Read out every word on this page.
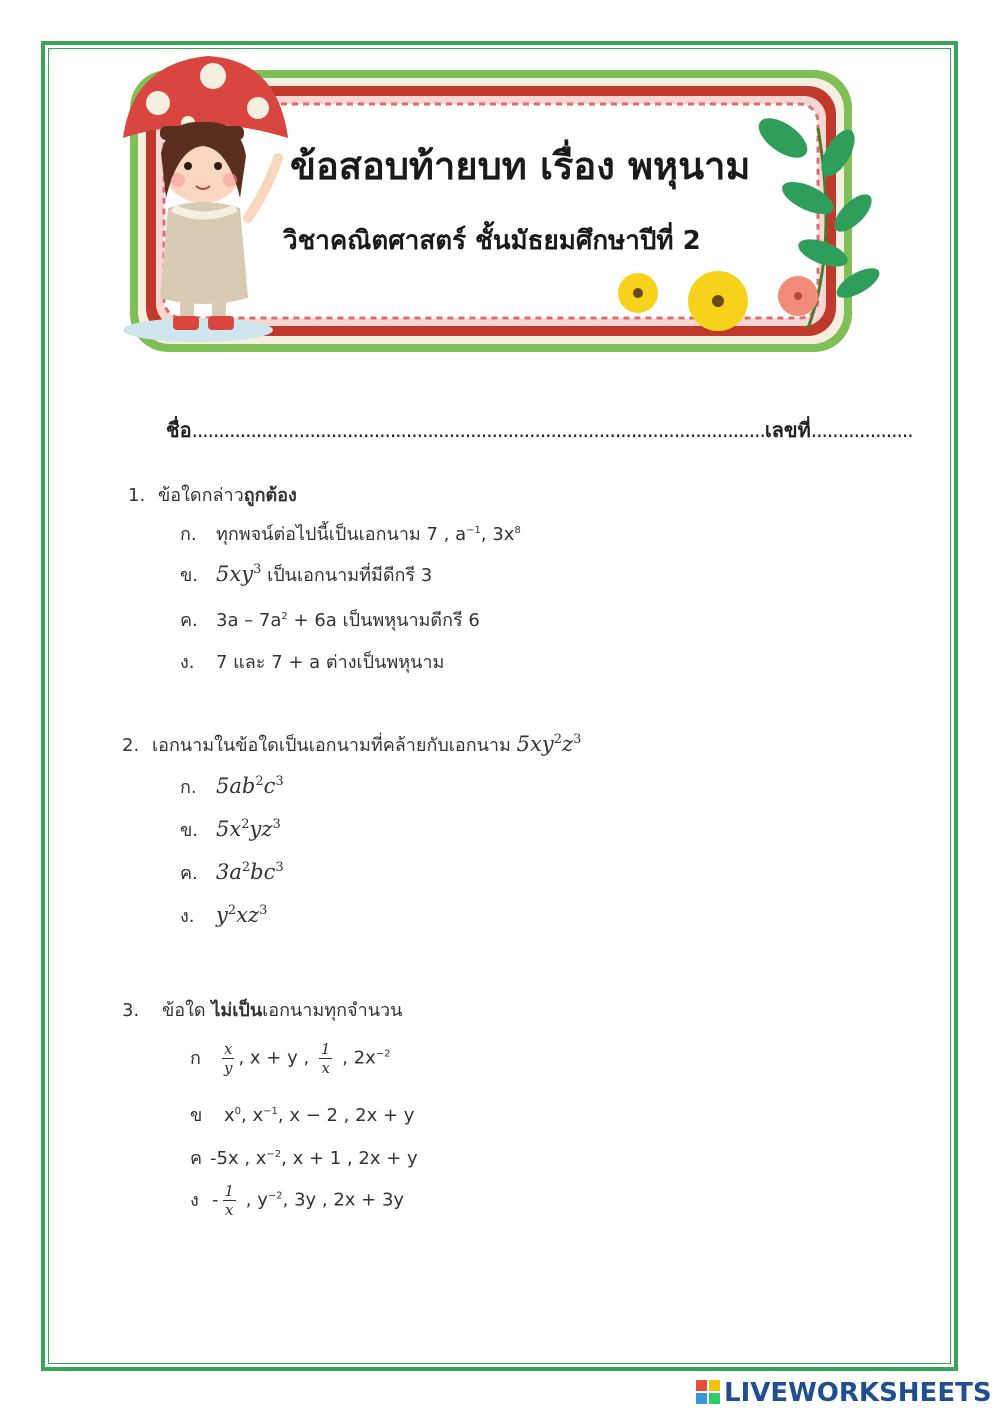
ข้อสอบท้ายบท เรื่อง พหุนาม
วิชาคณิตศาสตร์ ชั้นมัธยมศึกษาปีที่ 2
ชื่อ...........................................................................................................เลขที่...................
1. ข้อใดกล่าวถูกต้อง
ก. ทุกพจน์ต่อไปนี้เป็นเอกนาม 7 , $a^{-1}$, $3x^8$
ข. $5xy^3$ เป็นเอกนามที่มีดีกรี 3
ค. $3a - 7a^2 + 6a$ เป็นพหุนามดีกรี 6
ง. 7 และ 7 + a ต่างเป็นพหุนาม
2. เอกนามในข้อใดเป็นเอกนามที่คล้ายกับเอกนาม $5xy^2z^3$
ก. $5ab^2c^3$
ข. $5x^2yz^3$
ค. $3a^2bc^3$
ง. $y^2xz^3$
3. ข้อใด ไม่เป็นเอกนามทุกจำนวน
ก $\frac{x}{y}$ , x + y , $\frac{1}{x}$ , $2x^{-2}$
ข $x^0$, $x^{-1}$, x − 2 , 2x + y
ค -5x , $x^{-2}$, x + 1 , 2x + y
ง - $\frac{1}{x}$ , $y^{-2}$, 3y , 2x + 3y
LIVEWORKSHEETS
